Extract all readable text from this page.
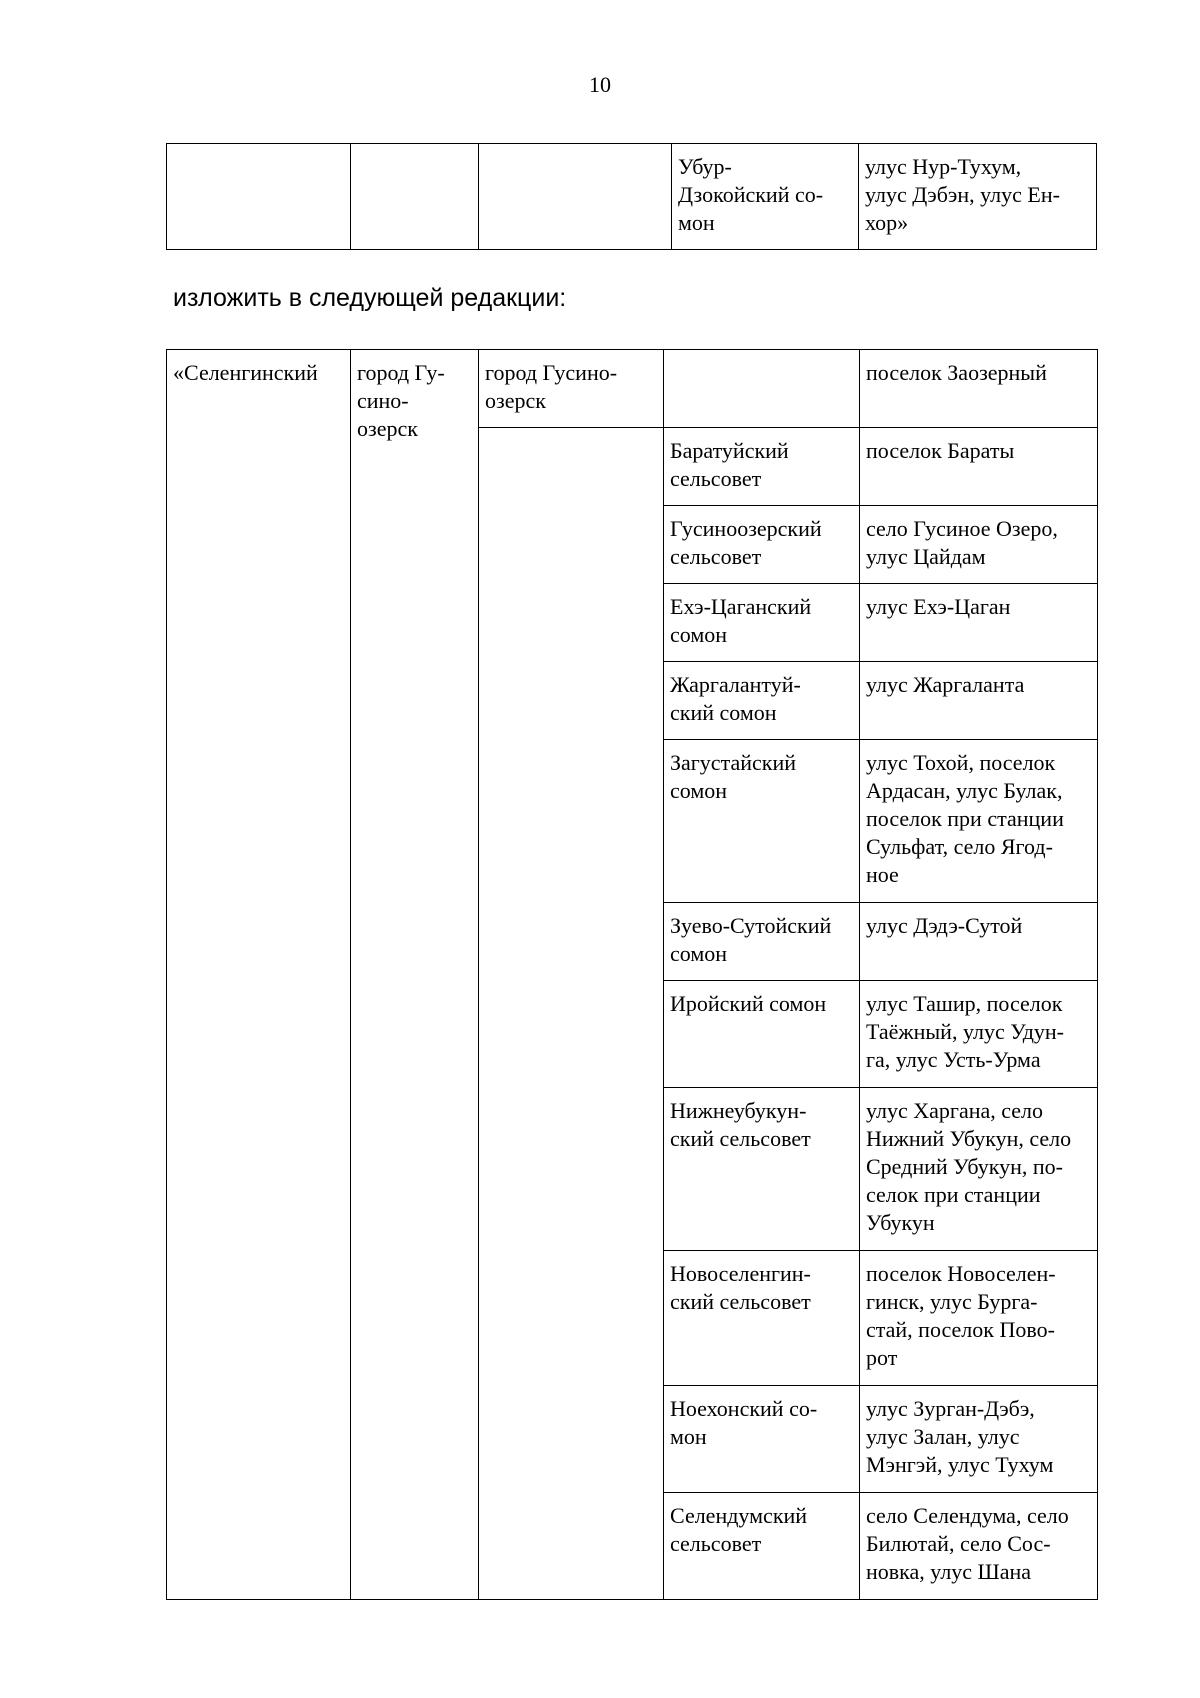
10
			Убур-
Дзокойский со-
мон	улус Нур-Тухум,
улус Дэбэн, улус Ен-
хор»
изложить в следующей редакции:
«Селенгинский	город Гу-
сино-
озерск	город Гусино-
озерск		поселок Заозерный
			Баратуйский
сельсовет	поселок Бараты
			Гусиноозерский
сельсовет	село Гусиное Озеро,
улус Цайдам
			Ехэ-Цаганский
сомон	улус Ехэ-Цаган
			Жаргалантуй-
ский сомон	улус Жаргаланта
			Загустайский
сомон	улус Тохой, поселок
Ардасан, улус Булак,
поселок при станции
Сульфат, село Ягод-
ное
			Зуево-Сутойский
сомон	улус Дэдэ-Сутой
			Иройский сомон	улус Ташир, поселок
Таёжный, улус Удун-
га, улус Усть-Урма
			Нижнеубукун-
ский сельсовет	улус Харгана, село
Нижний Убукун, село
Средний Убукун, по-
селок при станции
Убукун
			Новоселенгин-
ский сельсовет	поселок Новоселен-
гинск, улус Бурга-
стай, поселок Пово-
рот
			Ноехонский со-
мон	улус Зурган-Дэбэ,
улус Залан, улус
Мэнгэй, улус Тухум
			Селендумский
сельсовет	село Селендума, село
Билютай, село Сос-
новка, улус Шана
